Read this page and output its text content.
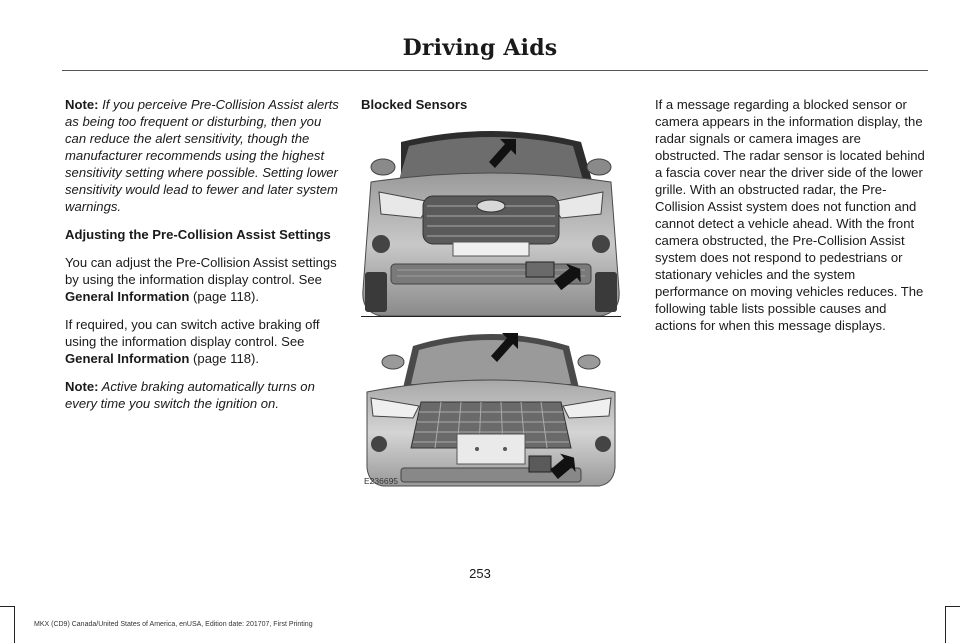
Driving Aids

Note: If you perceive Pre-Collision Assist alerts as being too frequent or disturbing, then you can reduce the alert sensitivity, though the manufacturer recommends using the highest sensitivity setting where possible. Setting lower sensitivity would lead to fewer and later system warnings.

Adjusting the Pre-Collision Assist Settings

You can adjust the Pre-Collision Assist settings by using the information display control. See General Information (page 118).

If required, you can switch active braking off using the information display control. See General Information (page 118).

Note: Active braking automatically turns on every time you switch the ignition on.

Blocked Sensors
E236695

If a message regarding a blocked sensor or camera appears in the information display, the radar signals or camera images are obstructed. The radar sensor is located behind a fascia cover near the driver side of the lower grille. With an obstructed radar, the Pre-Collision Assist system does not function and cannot detect a vehicle ahead. With the front camera obstructed, the Pre-Collision Assist system does not respond to pedestrians or stationary vehicles and the system performance on moving vehicles reduces. The following table lists possible causes and actions for when this message displays.

253
MKX (CD9) Canada/United States of America, enUSA, Edition date: 201707, First Printing
